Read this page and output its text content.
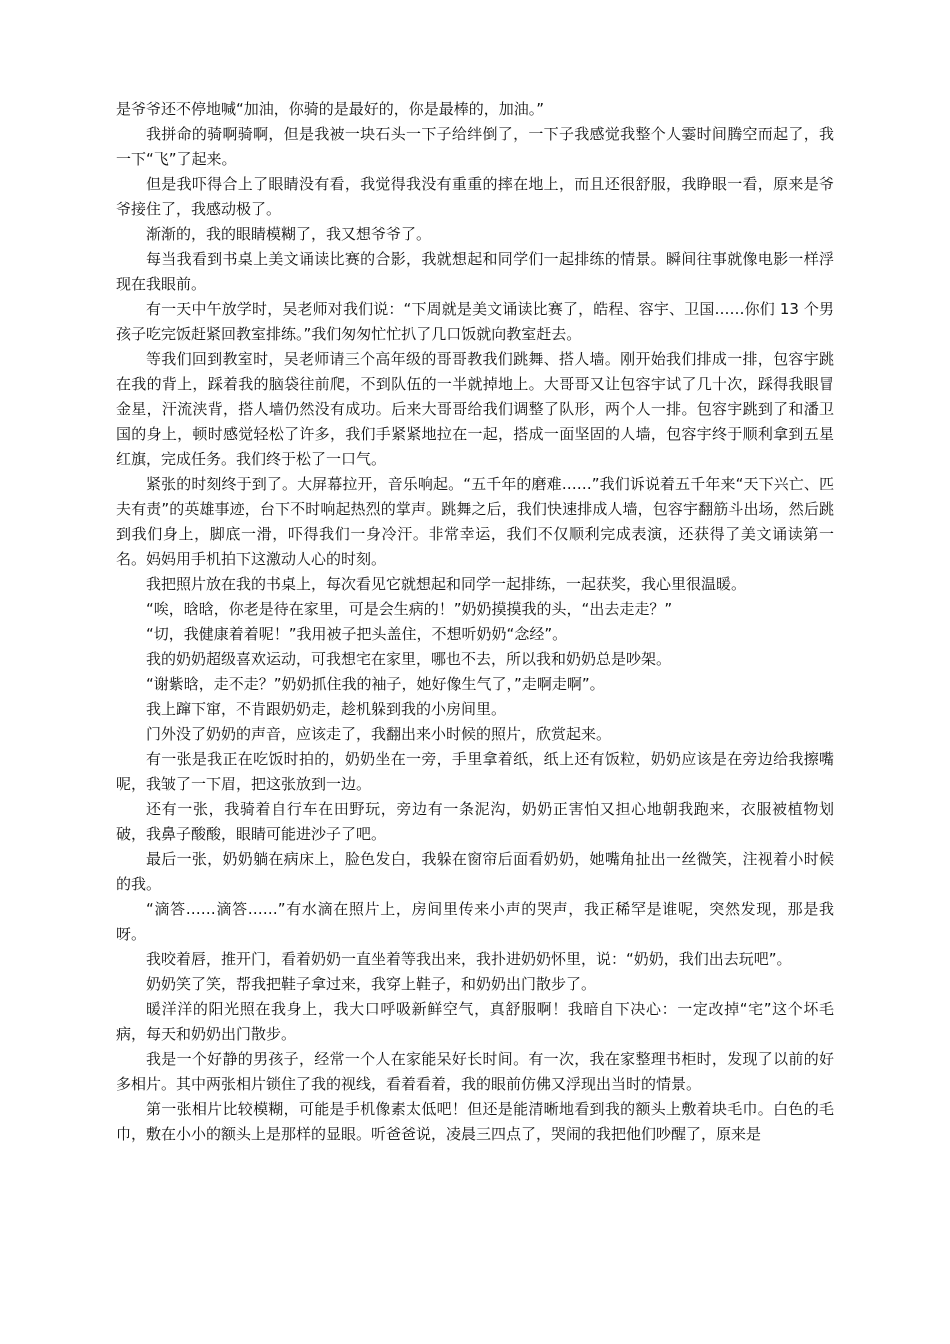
是爷爷还不停地喊“加油，你骑的是最好的，你是最棒的，加油。”

我拼命的骑啊骑啊，但是我被一块石头一下子给绊倒了，一下子我感觉我整个人霎时间腾空而起了，我一下“飞”了起来。

但是我吓得合上了眼睛没有看，我觉得我没有重重的摔在地上，而且还很舒服，我睁眼一看，原来是爷爷接住了，我感动极了。

渐渐的，我的眼睛模糊了，我又想爷爷了。

每当我看到书桌上美文诵读比赛的合影，我就想起和同学们一起排练的情景。瞬间往事就像电影一样浮现在我眼前。

有一天中午放学时，吴老师对我们说：“下周就是美文诵读比赛了，皓程、容宇、卫国……你们 13 个男孩子吃完饭赶紧回教室排练。”我们匆匆忙忙扒了几口饭就向教室赶去。

等我们回到教室时，吴老师请三个高年级的哥哥教我们跳舞、搭人墙。刚开始我们排成一排，包容宇跳在我的背上，踩着我的脑袋往前爬，不到队伍的一半就掉地上。大哥哥又让包容宇试了几十次，踩得我眼冒金星，汗流浃背，搭人墙仍然没有成功。后来大哥哥给我们调整了队形，两个人一排。包容宇跳到了和潘卫国的身上，顿时感觉轻松了许多，我们手紧紧地拉在一起，搭成一面坚固的人墙，包容宇终于顺利拿到五星红旗，完成任务。我们终于松了一口气。

紧张的时刻终于到了。大屏幕拉开，音乐响起。“五千年的磨难……”我们诉说着五千年来“天下兴亡、匹夫有责”的英雄事迹，台下不时响起热烈的掌声。跳舞之后，我们快速排成人墙，包容宇翻筋斗出场，然后跳到我们身上，脚底一滑，吓得我们一身冷汗。非常幸运，我们不仅顺利完成表演，还获得了美文诵读第一名。妈妈用手机拍下这激动人心的时刻。

我把照片放在我的书桌上，每次看见它就想起和同学一起排练，一起获奖，我心里很温暖。

“唉，晗晗，你老是待在家里，可是会生病的！”奶奶摸摸我的头，“出去走走？”

“切，我健康着着呢！”我用被子把头盖住，不想听奶奶“念经”。

我的奶奶超级喜欢运动，可我想宅在家里，哪也不去，所以我和奶奶总是吵架。

“谢紫晗，走不走？”奶奶抓住我的袖子，她好像生气了，”走啊走啊”。

我上蹿下窜，不肯跟奶奶走，趁机躲到我的小房间里。

门外没了奶奶的声音，应该走了，我翻出来小时候的照片，欣赏起来。

有一张是我正在吃饭时拍的，奶奶坐在一旁，手里拿着纸，纸上还有饭粒，奶奶应该是在旁边给我擦嘴呢，我皱了一下眉，把这张放到一边。

还有一张，我骑着自行车在田野玩，旁边有一条泥沟，奶奶正害怕又担心地朝我跑来，衣服被植物划破，我鼻子酸酸，眼睛可能进沙子了吧。

最后一张，奶奶躺在病床上，脸色发白，我躲在窗帘后面看奶奶，她嘴角扯出一丝微笑，注视着小时候的我。

“滴答……滴答……”有水滴在照片上，房间里传来小声的哭声，我正稀罕是谁呢，突然发现，那是我呀。

我咬着唇，推开门，看着奶奶一直坐着等我出来，我扑进奶奶怀里，说：“奶奶，我们出去玩吧”。

奶奶笑了笑，帮我把鞋子拿过来，我穿上鞋子，和奶奶出门散步了。

暖洋洋的阳光照在我身上，我大口呼吸新鲜空气，真舒服啊！我暗自下决心：一定改掉“宅”这个坏毛病，每天和奶奶出门散步。

我是一个好静的男孩子，经常一个人在家能呆好长时间。有一次，我在家整理书柜时，发现了以前的好多相片。其中两张相片锁住了我的视线，看着看着，我的眼前仿佛又浮现出当时的情景。

第一张相片比较模糊，可能是手机像素太低吧！但还是能清晰地看到我的额头上敷着块毛巾。白色的毛巾，敷在小小的额头上是那样的显眼。听爸爸说，凌晨三四点了，哭闹的我把他们吵醒了，原来是
